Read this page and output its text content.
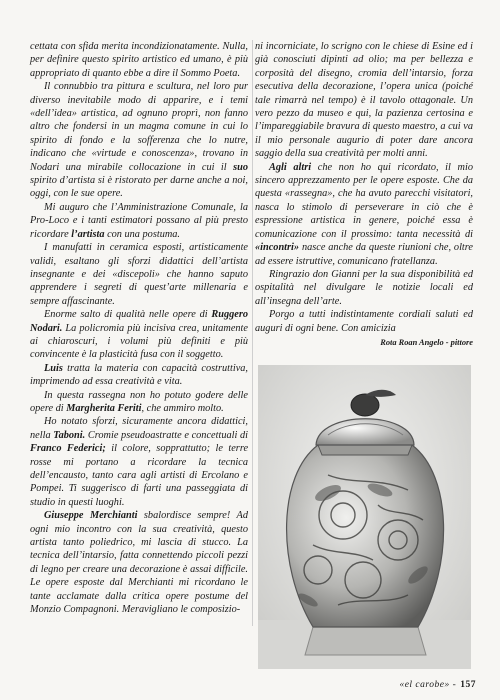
cettata con sfida merita incondizionatamente. Nulla, per definire questo spirito artistico ed umano, è più appropriato di quanto ebbe a dire il Sommo Poeta.

Il connubbio tra pittura e scultura, nel loro pur diverso inevitabile modo di apparire, e i temi «dell’idea» artistica, ad ognuno proprì, non fanno altro che fondersi in un magma comune in cui lo spirito di fondo e la sofferenza che lo nutre, indicano che «virtude e conoscenza», trovano in Nodari una mirabile collocazione in cui il suo spirito d’artista si è ristorato per darne anche a noi, oggi, con le sue opere.

Mi auguro che l’Amministrazione Comunale, la Pro-Loco e i tanti estimatori possano al più presto ricordare l’artista con una postuma.

I manufatti in ceramica esposti, artisticamente validi, esaltano gli sforzi didattici dell’artista insegnante e dei «discepoli» che hanno saputo apprendere i segreti di quest’arte millenaria e sempre affascinante.

Enorme salto di qualità nelle opere di Ruggero Nodari. La policromia più incisiva crea, unitamente ai chiaroscuri, i volumi più definiti e più convincente è la plasticità fusa con il soggetto.

Luis tratta la materia con capacità costruttiva, imprimendo ad essa creatività e vita.

In questa rassegna non ho potuto godere delle opere di Margherita Feriti, che ammiro molto.

Ho notato sforzi, sicuramente ancora didattici, nella Taboni. Cromie pseudoastratte e concettuali di Franco Federici; il colore, sopprattutto; le terre rosse mi portano a ricordare la tecnica dell’encausto, tanto cara agli artisti di Ercolano e Pompei. Ti suggerisco di farti una passeggiata di studio in questi luoghi.

Giuseppe Merchianti sbalordisce sempre! Ad ogni mio incontro con la sua creatività, questo artista tanto poliedrico, mi lascia di stucco. La tecnica dell’intarsio, fatta connettendo piccoli pezzi di legno per creare una decorazione è assai difficile. Le opere esposte dal Merchianti mi ricordano le tante acclamate dalla critica opere postume del Monzio Compagnoni. Meravigliano le composizio-

ni incorniciate, lo scrigno con le chiese di Esine ed i già conosciuti dipinti ad olio; ma per bellezza e corposità del disegno, cromia dell’intarsio, forza esecutiva della decorazione, l’opera unica (poiché tale rimarrà nel tempo) è il tavolo ottagonale. Un vero pezzo da museo e qui, la pazienza certosina e l’impareggiabile bravura di questo maestro, a cui va il mio personale augurio di poter dare ancora saggio della sua creatività per molti anni.

Agli altri che non ho qui ricordato, il mio sincero apprezzamento per le opere esposte. Che da questa «rassegna», che ha avuto parecchi visitatori, nasca lo stimolo di perseverare in ciò che è espressione artistica in genere, poiché essa è comunicazione con il prossimo: tanta necessità di «incontri» nasce anche da queste riunioni che, oltre ad essere istruttive, comunicano fratellanza.

Ringrazio don Gianni per la sua disponibilità ed ospitalità nel divulgare le notizie locali ed all’insegna dell’arte.

Porgo a tutti indistintamente cordiali saluti ed auguri di ogni bene. Con amicizia

Rota Roan Angelo - pittore

«el carobe» - 157
